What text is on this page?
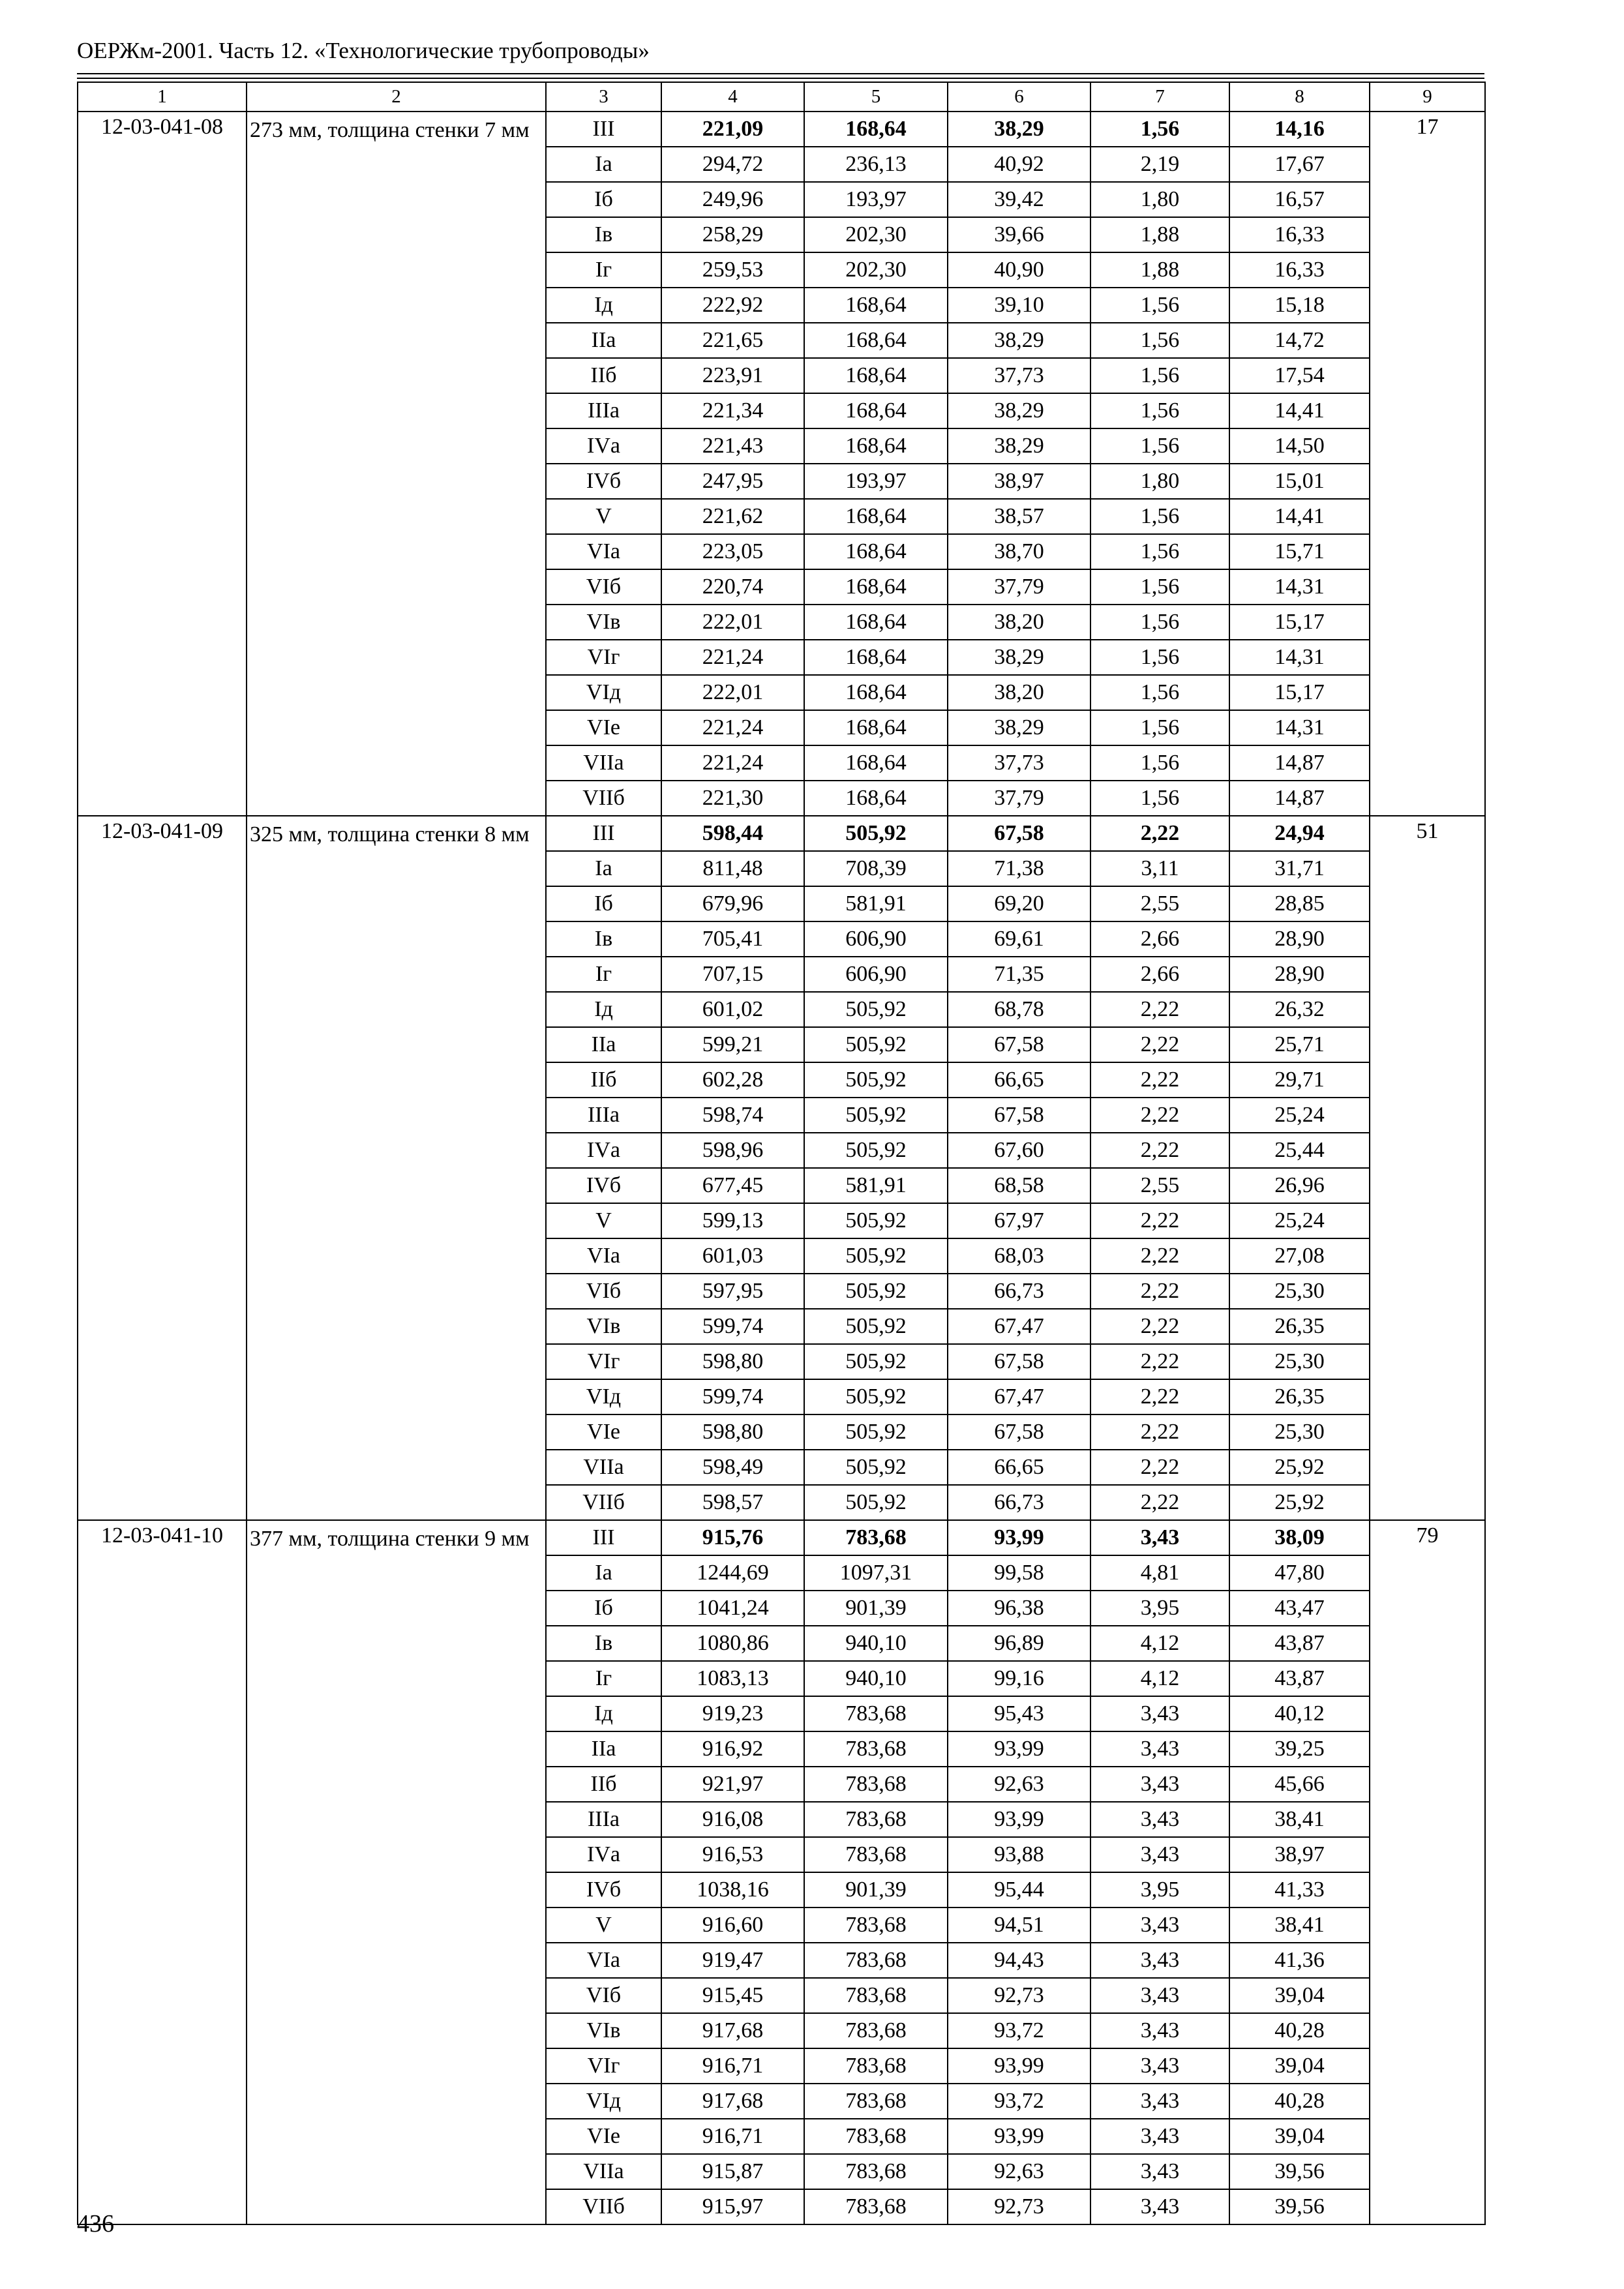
ОЕРЖм-2001. Часть 12. «Технологические трубопроводы»
1	2	3	4	5	6	7	8	9
12-03-041-08	273 мм, толщина стенки 7 мм	III	221,09	168,64	38,29	1,56	14,16	17
		Iа	294,72	236,13	40,92	2,19	17,67	
		Iб	249,96	193,97	39,42	1,80	16,57	
		Iв	258,29	202,30	39,66	1,88	16,33	
		Iг	259,53	202,30	40,90	1,88	16,33	
		Iд	222,92	168,64	39,10	1,56	15,18	
		IIа	221,65	168,64	38,29	1,56	14,72	
		IIб	223,91	168,64	37,73	1,56	17,54	
		IIIа	221,34	168,64	38,29	1,56	14,41	
		IVа	221,43	168,64	38,29	1,56	14,50	
		IVб	247,95	193,97	38,97	1,80	15,01	
		V	221,62	168,64	38,57	1,56	14,41	
		VIа	223,05	168,64	38,70	1,56	15,71	
		VIб	220,74	168,64	37,79	1,56	14,31	
		VIв	222,01	168,64	38,20	1,56	15,17	
		VIг	221,24	168,64	38,29	1,56	14,31	
		VIд	222,01	168,64	38,20	1,56	15,17	
		VIе	221,24	168,64	38,29	1,56	14,31	
		VIIа	221,24	168,64	37,73	1,56	14,87	
		VIIб	221,30	168,64	37,79	1,56	14,87	
12-03-041-09	325 мм, толщина стенки 8 мм	III	598,44	505,92	67,58	2,22	24,94	51
		Iа	811,48	708,39	71,38	3,11	31,71	
		Iб	679,96	581,91	69,20	2,55	28,85	
		Iв	705,41	606,90	69,61	2,66	28,90	
		Iг	707,15	606,90	71,35	2,66	28,90	
		Iд	601,02	505,92	68,78	2,22	26,32	
		IIа	599,21	505,92	67,58	2,22	25,71	
		IIб	602,28	505,92	66,65	2,22	29,71	
		IIIа	598,74	505,92	67,58	2,22	25,24	
		IVа	598,96	505,92	67,60	2,22	25,44	
		IVб	677,45	581,91	68,58	2,55	26,96	
		V	599,13	505,92	67,97	2,22	25,24	
		VIа	601,03	505,92	68,03	2,22	27,08	
		VIб	597,95	505,92	66,73	2,22	25,30	
		VIв	599,74	505,92	67,47	2,22	26,35	
		VIг	598,80	505,92	67,58	2,22	25,30	
		VIд	599,74	505,92	67,47	2,22	26,35	
		VIе	598,80	505,92	67,58	2,22	25,30	
		VIIа	598,49	505,92	66,65	2,22	25,92	
		VIIб	598,57	505,92	66,73	2,22	25,92	
12-03-041-10	377 мм, толщина стенки 9 мм	III	915,76	783,68	93,99	3,43	38,09	79
		Iа	1244,69	1097,31	99,58	4,81	47,80	
		Iб	1041,24	901,39	96,38	3,95	43,47	
		Iв	1080,86	940,10	96,89	4,12	43,87	
		Iг	1083,13	940,10	99,16	4,12	43,87	
		Iд	919,23	783,68	95,43	3,43	40,12	
		IIа	916,92	783,68	93,99	3,43	39,25	
		IIб	921,97	783,68	92,63	3,43	45,66	
		IIIа	916,08	783,68	93,99	3,43	38,41	
		IVа	916,53	783,68	93,88	3,43	38,97	
		IVб	1038,16	901,39	95,44	3,95	41,33	
		V	916,60	783,68	94,51	3,43	38,41	
		VIа	919,47	783,68	94,43	3,43	41,36	
		VIб	915,45	783,68	92,73	3,43	39,04	
		VIв	917,68	783,68	93,72	3,43	40,28	
		VIг	916,71	783,68	93,99	3,43	39,04	
		VIд	917,68	783,68	93,72	3,43	40,28	
		VIе	916,71	783,68	93,99	3,43	39,04	
		VIIа	915,87	783,68	92,63	3,43	39,56	
		VIIб	915,97	783,68	92,73	3,43	39,56	
436
